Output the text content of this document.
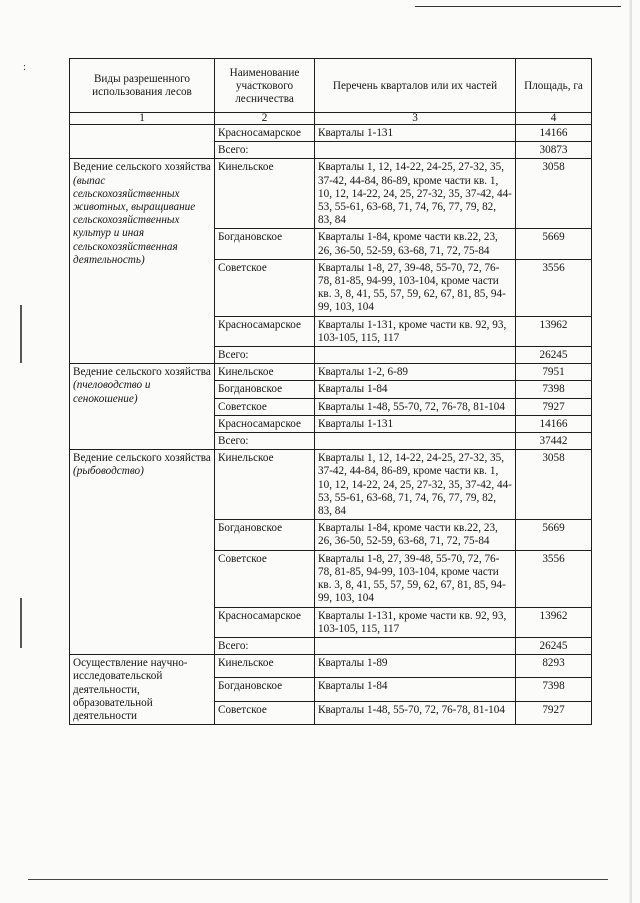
:
Виды разрешенного использования лесов	Наименование участкового лесничества	Перечень кварталов или их частей	Площадь, га
1	2	3	4
	Красносамарское	Кварталы 1-131	14166
	Всего:		30873
Ведение сельского хозяйства (выпас сельскохозяйственных животных, выращивание сельскохозяйственных культур и иная сельскохозяйственная деятельность)	Кинельское	Кварталы 1, 12, 14-22, 24-25, 27-32, 35, 37-42, 44-84, 86-89, кроме части кв. 1, 10, 12, 14-22, 24, 25, 27-32, 35, 37-42, 44-53, 55-61, 63-68, 71, 74, 76, 77, 79, 82, 83, 84	3058
	Богдановское	Кварталы 1-84, кроме части кв.22, 23, 26, 36-50, 52-59, 63-68, 71, 72, 75-84	5669
	Советское	Кварталы 1-8, 27, 39-48, 55-70, 72, 76-78, 81-85, 94-99, 103-104, кроме части кв. 3, 8, 41, 55, 57, 59, 62, 67, 81, 85, 94-99, 103, 104	3556
	Красносамарское	Кварталы 1-131, кроме части кв. 92, 93, 103-105, 115, 117	13962
	Всего:		26245
Ведение сельского хозяйства (пчеловодство и сенокошение)	Кинельское	Кварталы 1-2, 6-89	7951
	Богдановское	Кварталы 1-84	7398
	Советское	Кварталы 1-48, 55-70, 72, 76-78, 81-104	7927
	Красносамарское	Кварталы 1-131	14166
	Всего:		37442
Ведение сельского хозяйства (рыбоводство)	Кинельское	Кварталы 1, 12, 14-22, 24-25, 27-32, 35, 37-42, 44-84, 86-89, кроме части кв. 1, 10, 12, 14-22, 24, 25, 27-32, 35, 37-42, 44-53, 55-61, 63-68, 71, 74, 76, 77, 79, 82, 83, 84	3058
	Богдановское	Кварталы 1-84, кроме части кв.22, 23, 26, 36-50, 52-59, 63-68, 71, 72, 75-84	5669
	Советское	Кварталы 1-8, 27, 39-48, 55-70, 72, 76-78, 81-85, 94-99, 103-104, кроме части кв. 3, 8, 41, 55, 57, 59, 62, 67, 81, 85, 94-99, 103, 104	3556
	Красносамарское	Кварталы 1-131, кроме части кв. 92, 93, 103-105, 115, 117	13962
	Всего:		26245
Осуществление научно-исследовательской деятельности, образовательной деятельности	Кинельское	Кварталы 1-89	8293
	Богдановское	Кварталы 1-84	7398
	Советское	Кварталы 1-48, 55-70, 72, 76-78, 81-104	7927
